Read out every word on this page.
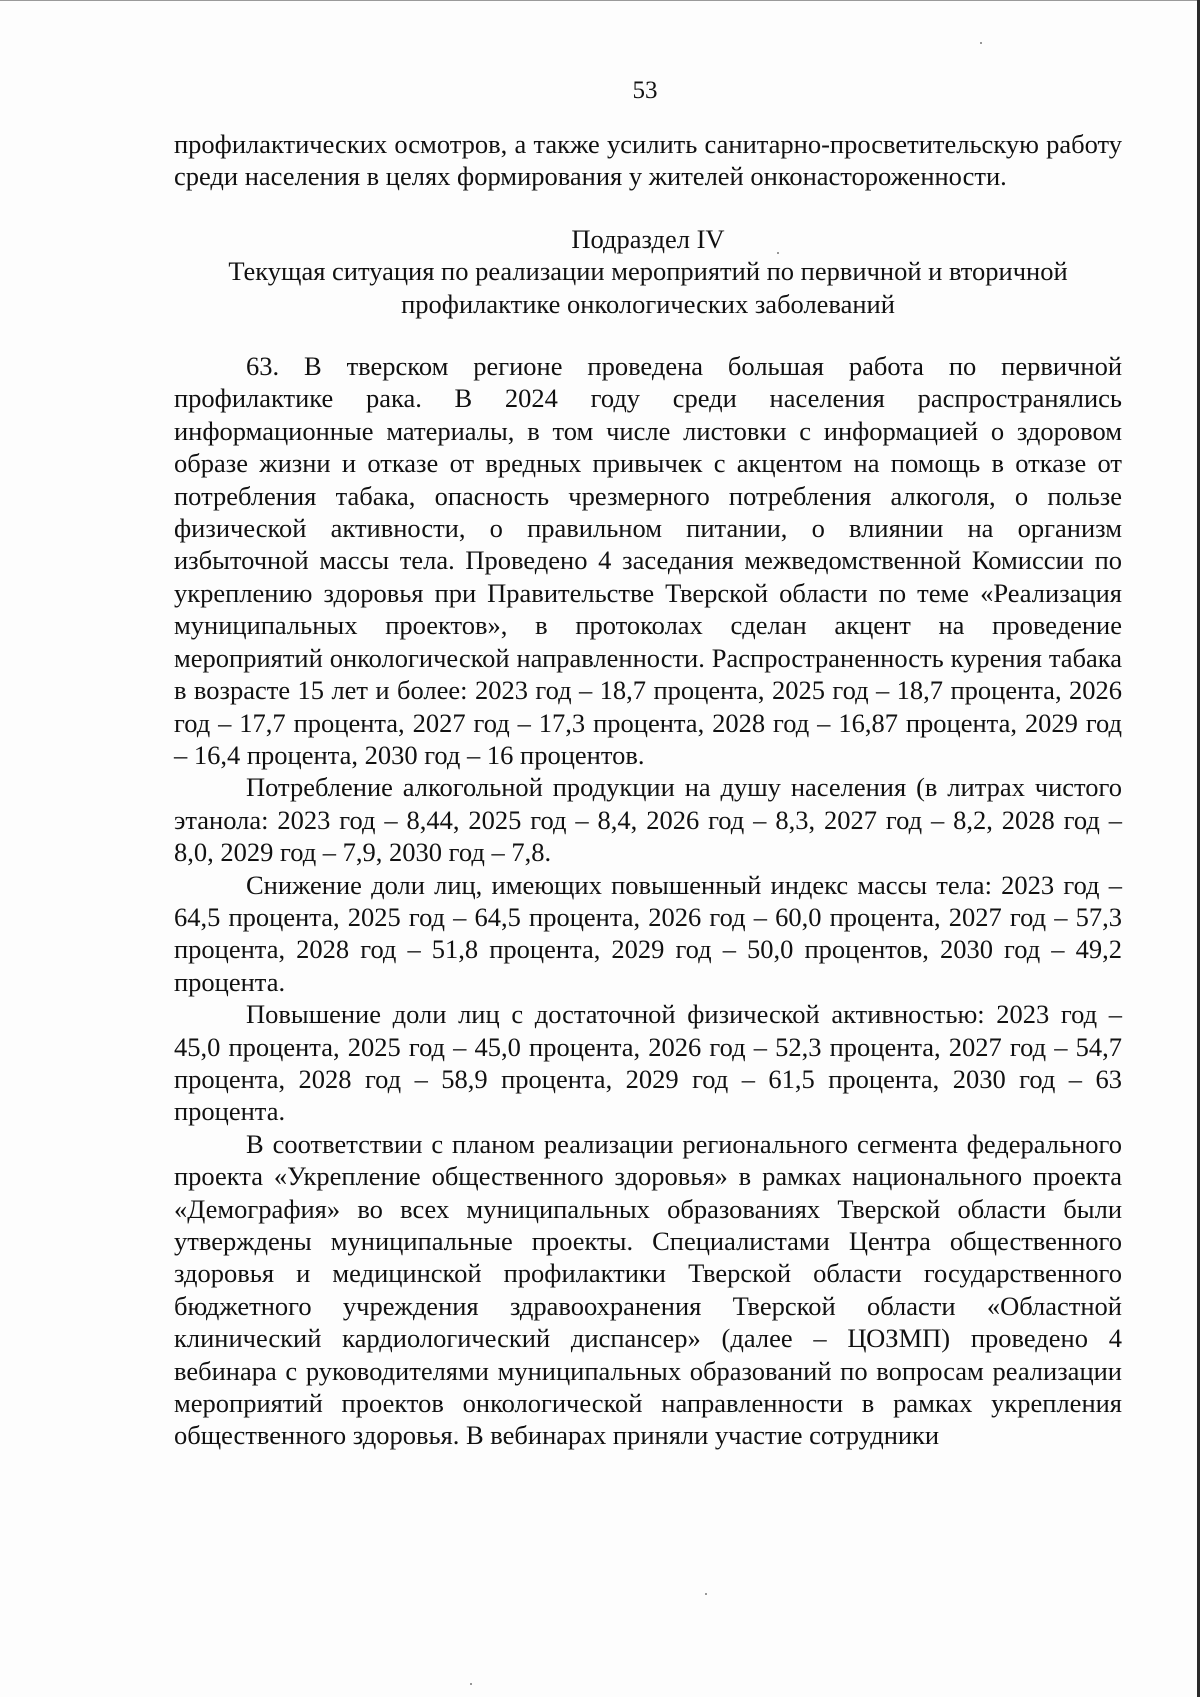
53

профилактических осмотров, а также усилить санитарно-просветительскую работу среди населения в целях формирования у жителей онконастороженности.

Подраздел IV

Текущая ситуация по реализации мероприятий по первичной и вторичной профилактике онкологических заболеваний

63. В тверском регионе проведена большая работа по первичной профилактике рака. В 2024 году среди населения распространялись информационные материалы, в том числе листовки с информацией о здоровом образе жизни и отказе от вредных привычек с акцентом на помощь в отказе от потребления табака, опасность чрезмерного потребления алкоголя, о пользе физической активности, о правильном питании, о влиянии на организм избыточной массы тела. Проведено 4 заседания межведомственной Комиссии по укреплению здоровья при Правительстве Тверской области по теме «Реализация муниципальных проектов», в протоколах сделан акцент на проведение мероприятий онкологической направленности. Распространенность курения табака в возрасте 15 лет и более: 2023 год – 18,7 процента, 2025 год – 18,7 процента, 2026 год – 17,7 процента, 2027 год – 17,3 процента, 2028 год – 16,87 процента, 2029 год – 16,4 процента, 2030 год – 16 процентов.

Потребление алкогольной продукции на душу населения (в литрах чистого этанола: 2023 год – 8,44, 2025 год – 8,4, 2026 год – 8,3, 2027 год – 8,2, 2028 год – 8,0, 2029 год – 7,9, 2030 год – 7,8.

Снижение доли лиц, имеющих повышенный индекс массы тела: 2023 год – 64,5 процента, 2025 год – 64,5 процента, 2026 год – 60,0 процента, 2027 год – 57,3 процента, 2028 год – 51,8 процента, 2029 год – 50,0 процентов, 2030 год – 49,2 процента.

Повышение доли лиц с достаточной физической активностью: 2023 год – 45,0 процента, 2025 год – 45,0 процента, 2026 год – 52,3 процента, 2027 год – 54,7 процента, 2028 год – 58,9 процента, 2029 год – 61,5 процента, 2030 год – 63 процента.

В соответствии с планом реализации регионального сегмента федерального проекта «Укрепление общественного здоровья» в рамках национального проекта «Демография» во всех муниципальных образованиях Тверской области были утверждены муниципальные проекты. Специалистами Центра общественного здоровья и медицинской профилактики Тверской области государственного бюджетного учреждения здравоохранения Тверской области «Областной клинический кардиологический диспансер» (далее – ЦОЗМП) проведено 4 вебинара с руководителями муниципальных образований по вопросам реализации мероприятий проектов онкологической направленности в рамках укрепления общественного здоровья. В вебинарах приняли участие сотрудники
